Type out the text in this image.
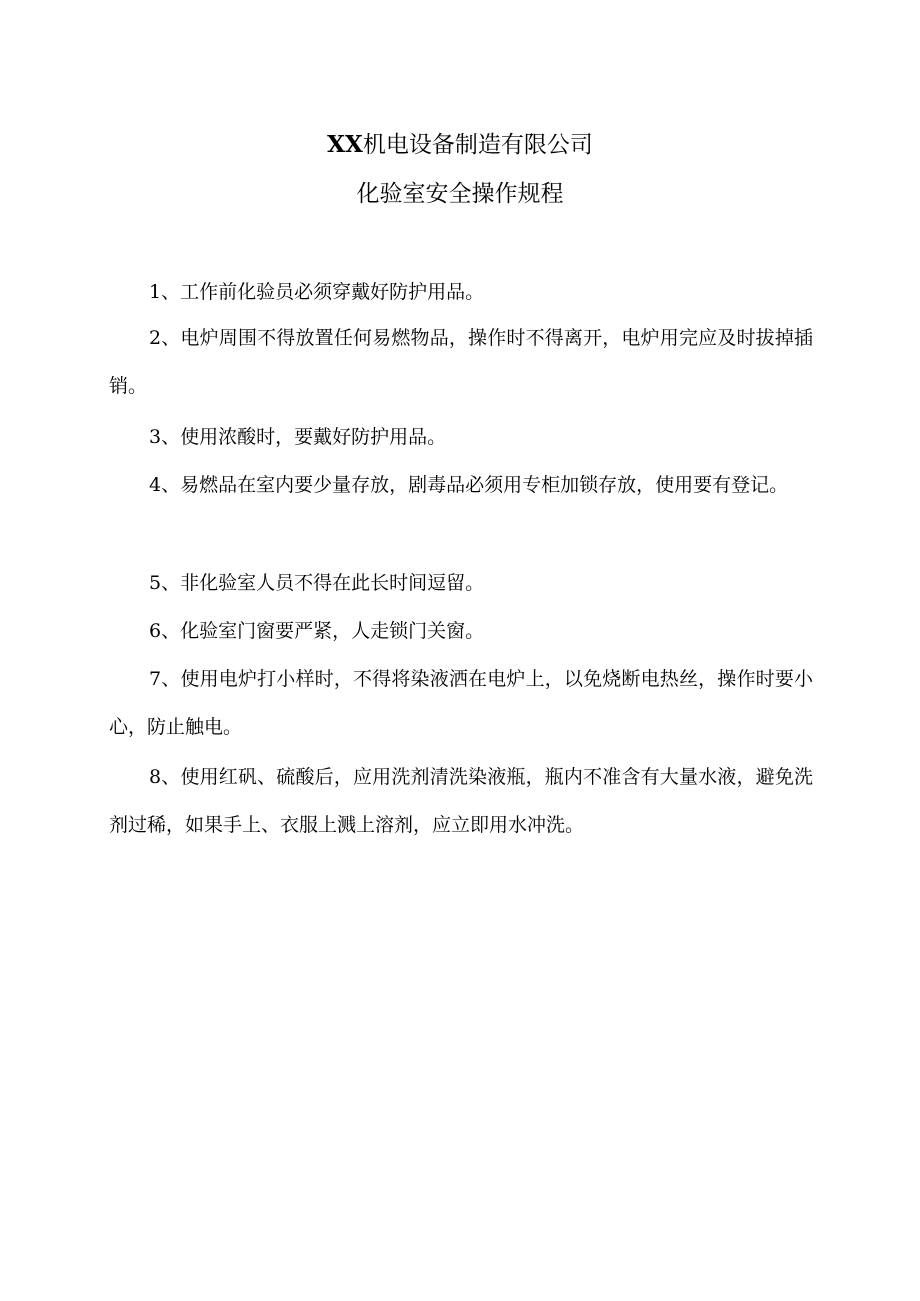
XX机电设备制造有限公司
化验室安全操作规程

1、工作前化验员必须穿戴好防护用品。

2、电炉周围不得放置任何易燃物品，操作时不得离开，电炉用完应及时拔掉插销。

3、使用浓酸时，要戴好防护用品。

4、易燃品在室内要少量存放，剧毒品必须用专柜加锁存放，使用要有登记。

5、非化验室人员不得在此长时间逗留。

6、化验室门窗要严紧，人走锁门关窗。

7、使用电炉打小样时，不得将染液洒在电炉上，以免烧断电热丝，操作时要小心，防止触电。

8、使用红矾、硫酸后，应用洗剂清洗染液瓶，瓶内不准含有大量水液，避免洗剂过稀，如果手上、衣服上溅上溶剂，应立即用水冲洗。
